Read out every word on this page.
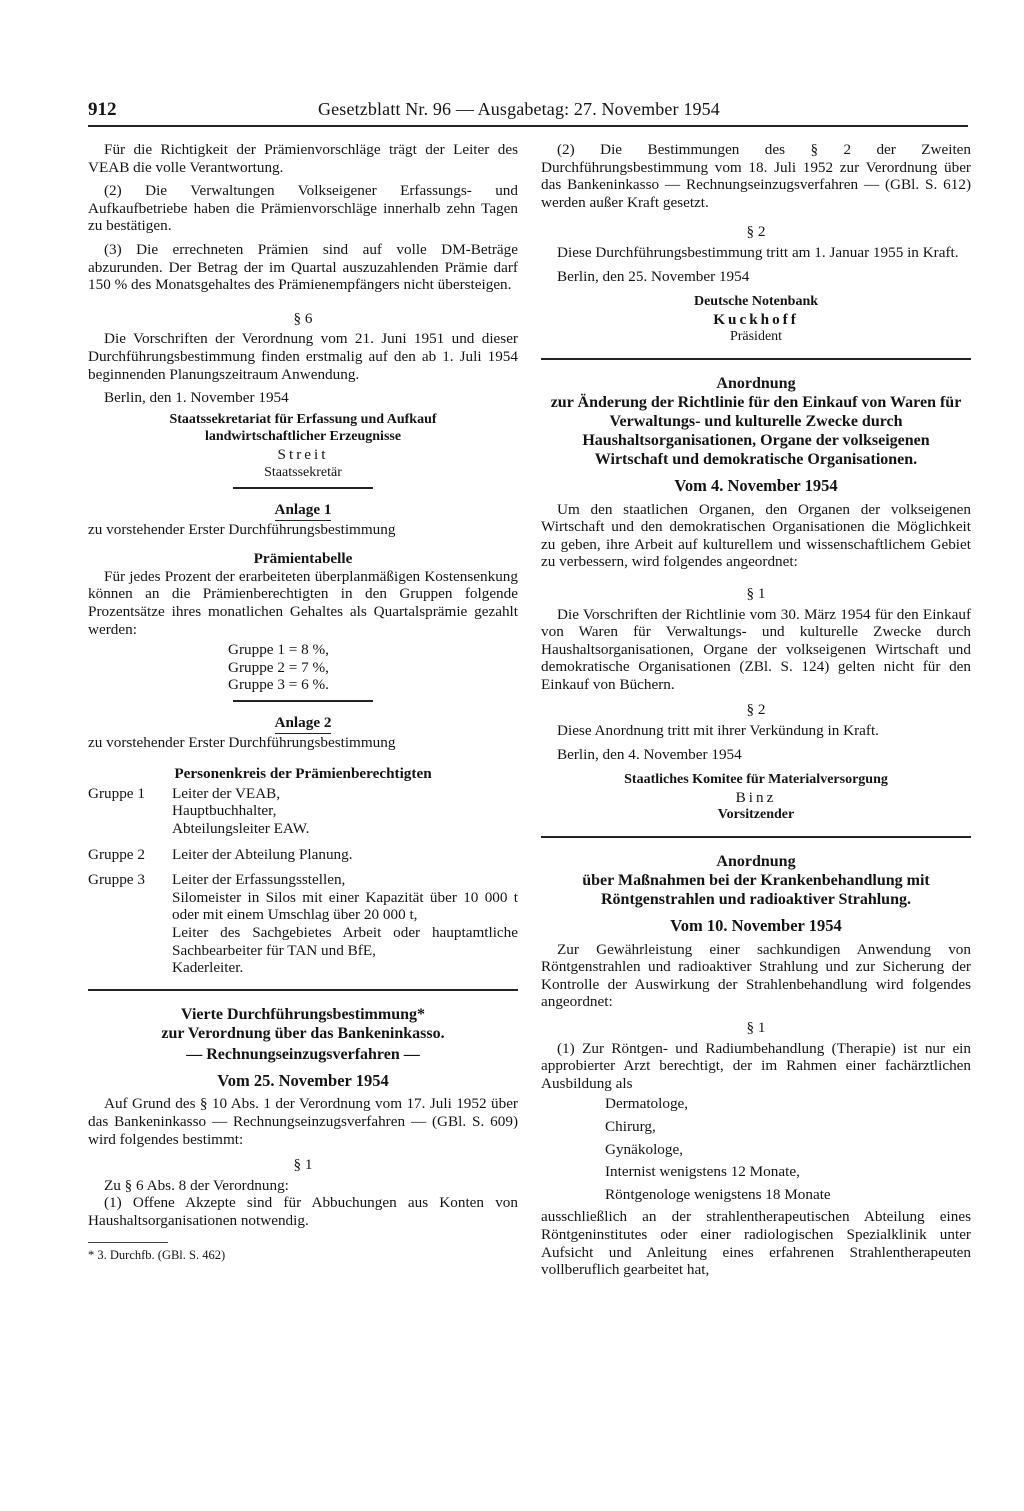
912	Gesetzblatt Nr. 96 — Ausgabetag: 27. November 1954

Für die Richtigkeit der Prämienvorschläge trägt der Leiter des VEAB die volle Verantwortung.

(2) Die Verwaltungen Volkseigener Erfassungs- und Aufkaufbetriebe haben die Prämienvorschläge innerhalb zehn Tagen zu bestätigen.

(3) Die errechneten Prämien sind auf volle DM-Beträge abzurunden. Der Betrag der im Quartal auszuzahlenden Prämie darf 150 % des Monatsgehaltes des Prämienempfängers nicht übersteigen.

§ 6

Die Vorschriften der Verordnung vom 21. Juni 1951 und dieser Durchführungsbestimmung finden erstmalig auf den ab 1. Juli 1954 beginnenden Planungszeitraum Anwendung.

Berlin, den 1. November 1954

Staatssekretariat für Erfassung und Aufkauf

landwirtschaftlicher Erzeugnisse

Streit

Staatssekretär

Anlage 1

zu vorstehender Erster Durchführungsbestimmung

Prämientabelle

Für jedes Prozent der erarbeiteten überplanmäßigen Kostensenkung können an die Prämienberechtigten in den Gruppen folgende Prozentsätze ihres monatlichen Gehaltes als Quartalsprämie gezahlt werden:

Gruppe 1 = 8 %,
Gruppe 2 = 7 %,
Gruppe 3 = 6 %.

Anlage 2

zu vorstehender Erster Durchführungsbestimmung

Personenkreis der Prämienberechtigten

Gruppe 1	Leiter der VEAB,
Hauptbuchhalter,
Abteilungsleiter EAW.
Gruppe 2	Leiter der Abteilung Planung.
Gruppe 3	Leiter der Erfassungsstellen,
Silomeister in Silos mit einer Kapazität über 10 000 t oder mit einem Umschlag über 20 000 t,
Leiter des Sachgebietes Arbeit oder hauptamtliche Sachbearbeiter für TAN und BfE,
Kaderleiter.

Vierte Durchführungsbestimmung*

zur Verordnung über das Bankeninkasso.

— Rechnungseinzugsverfahren —

Vom 25. November 1954

Auf Grund des § 10 Abs. 1 der Verordnung vom 17. Juli 1952 über das Bankeninkasso — Rechnungseinzugsverfahren — (GBl. S. 609) wird folgendes bestimmt:

§ 1

Zu § 6 Abs. 8 der Verordnung:

(1) Offene Akzepte sind für Abbuchungen aus Konten von Haushaltsorganisationen notwendig.

* 3. Durchfb. (GBl. S. 462)

(2) Die Bestimmungen des § 2 der Zweiten Durchführungsbestimmung vom 18. Juli 1952 zur Verordnung über das Bankeninkasso — Rechnungseinzugsverfahren — (GBl. S. 612) werden außer Kraft gesetzt.

§ 2

Diese Durchführungsbestimmung tritt am 1. Januar 1955 in Kraft.

Berlin, den 25. November 1954

Deutsche Notenbank

Kuckhoff

Präsident

Anordnung

zur Änderung der Richtlinie für den Einkauf von Waren für Verwaltungs- und kulturelle Zwecke durch Haushaltsorganisationen, Organe der volkseigenen Wirtschaft und demokratische Organisationen.

Vom 4. November 1954

Um den staatlichen Organen, den Organen der volkseigenen Wirtschaft und den demokratischen Organisationen die Möglichkeit zu geben, ihre Arbeit auf kulturellem und wissenschaftlichem Gebiet zu verbessern, wird folgendes angeordnet:

§ 1

Die Vorschriften der Richtlinie vom 30. März 1954 für den Einkauf von Waren für Verwaltungs- und kulturelle Zwecke durch Haushaltsorganisationen, Organe der volkseigenen Wirtschaft und demokratische Organisationen (ZBl. S. 124) gelten nicht für den Einkauf von Büchern.

§ 2

Diese Anordnung tritt mit ihrer Verkündung in Kraft.

Berlin, den 4. November 1954

Staatliches Komitee für Materialversorgung

Binz

Vorsitzender

Anordnung

über Maßnahmen bei der Krankenbehandlung mit Röntgenstrahlen und radioaktiver Strahlung.

Vom 10. November 1954

Zur Gewährleistung einer sachkundigen Anwendung von Röntgenstrahlen und radioaktiver Strahlung und zur Sicherung der Kontrolle der Auswirkung der Strahlenbehandlung wird folgendes angeordnet:

§ 1

(1) Zur Röntgen- und Radiumbehandlung (Therapie) ist nur ein approbierter Arzt berechtigt, der im Rahmen einer fachärztlichen Ausbildung als

Dermatologe,
Chirurg,
Gynäkologe,
Internist wenigstens 12 Monate,
Röntgenologe wenigstens 18 Monate

ausschließlich an der strahlentherapeutischen Abteilung eines Röntgeninstitutes oder einer radiologischen Spezialklinik unter Aufsicht und Anleitung eines erfahrenen Strahlentherapeuten vollberuflich gearbeitet hat,
